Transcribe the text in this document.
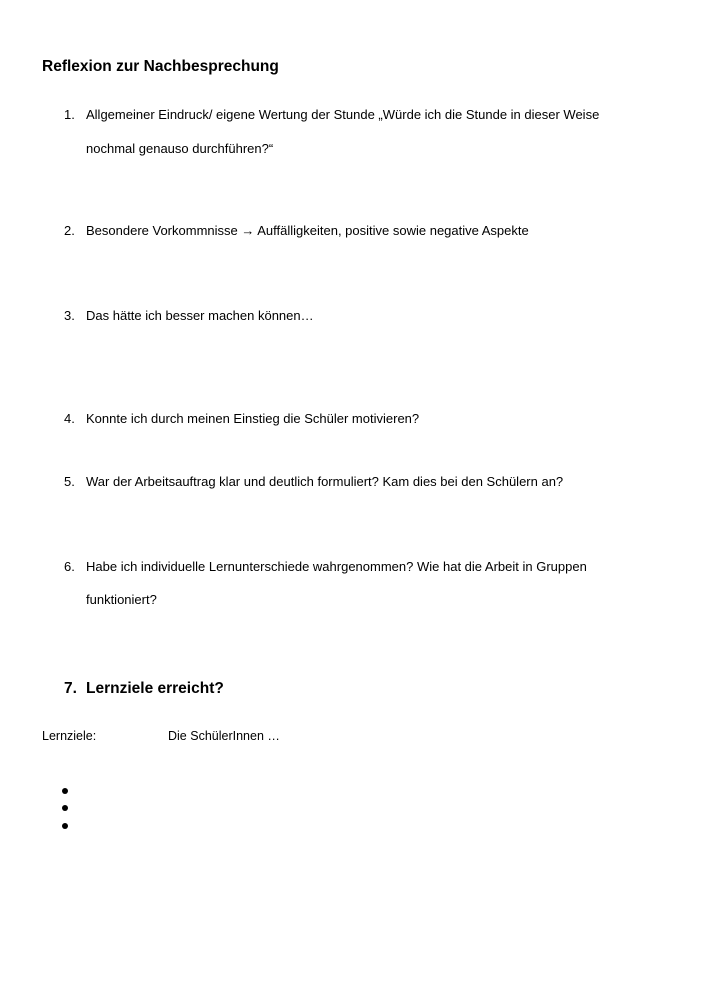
Reflexion zur Nachbesprechung
1. Allgemeiner Eindruck/ eigene Wertung der Stunde „Würde ich die Stunde in dieser Weise
nochmal genauso durchführen?“
2. Besondere Vorkommnisse → Auffälligkeiten, positive sowie negative Aspekte
3. Das hätte ich besser machen können…
4. Konnte ich durch meinen Einstieg die Schüler motivieren?
5. War der Arbeitsauftrag klar und deutlich formuliert? Kam dies bei den Schülern an?
6. Habe ich individuelle Lernunterschiede wahrgenommen? Wie hat die Arbeit in Gruppen
funktioniert?
7. Lernziele erreicht?
Lernziele:	Die SchülerInnen …
